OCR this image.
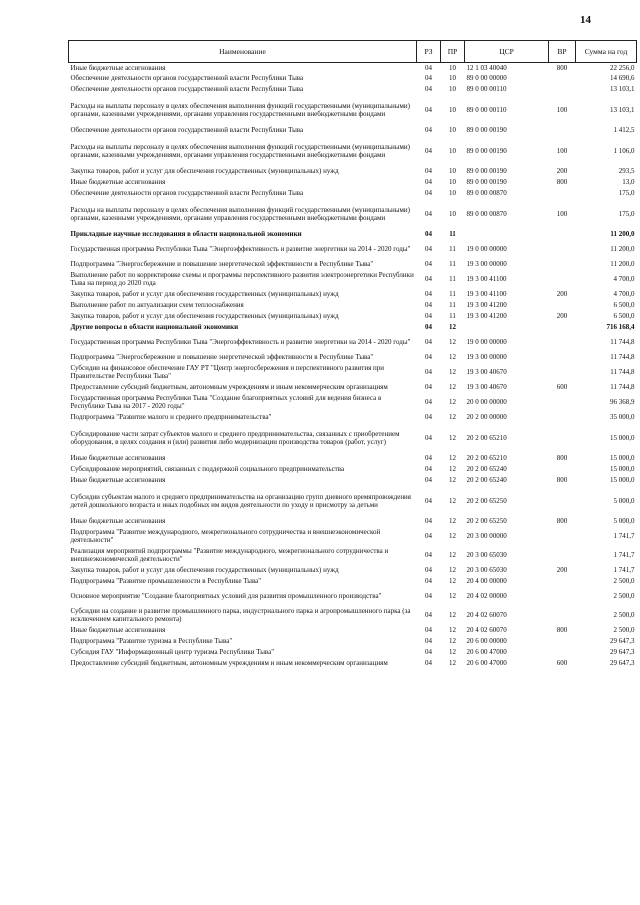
14
Наименование	РЗ	ПР	ЦСР	ВР	Сумма на год
Иные бюджетные ассигнования	04	10	12 1 03 40040	800	22 256,0
Обеспечение деятельности органов государственной власти Республики Тыва	04	10	89 0 00 00000		14 690,6
Обеспечение деятельности органов государственной власти Республики Тыва	04	10	89 0 00 00110		13 103,1
Расходы на выплаты персоналу в целях обеспечения выполнения функций государственными (муниципальными) органами, казенными учреждениями, органами управления государственными внебюджетными фондами	04	10	89 0 00 00110	100	13 103,1
Обеспечение деятельности органов государственной власти Республики Тыва	04	10	89 0 00 00190		1 412,5
Расходы на выплаты персоналу в целях обеспечения выполнения функций государственными (муниципальными) органами, казенными учреждениями, органами управления государственными внебюджетными фондами	04	10	89 0 00 00190	100	1 106,0
Закупка товаров, работ и услуг для обеспечения государственных (муниципальных) нужд	04	10	89 0 00 00190	200	293,5
Иные бюджетные ассигнования	04	10	89 0 00 00190	800	13,0
Обеспечение деятельности органов государственной власти Республики Тыва	04	10	89 0 00 00870		175,0
Расходы на выплаты персоналу в целях обеспечения выполнения функций государственными (муниципальными) органами, казенными учреждениями, органами управления государственными внебюджетными фондами	04	10	89 0 00 00870	100	175,0
Прикладные научные исследования в области национальной экономики	04	11			11 200,0
Государственная программа Республики Тыва "Энергоэффективность и развитие энергетики на 2014 - 2020 годы"	04	11	19 0 00 00000		11 200,0
Подпрограмма "Энергосбережение и повышение энергетической эффективности в Республике Тыва"	04	11	19 3 00 00000		11 200,0
Выполнение работ по корректировке схемы и программы перспективного развития электроэнергетики Республики Тыва на период до 2020 года	04	11	19 3 00 41100		4 700,0
Закупка товаров, работ и услуг для обеспечения государственных (муниципальных) нужд	04	11	19 3 00 41100	200	4 700,0
Выполнение работ по актуализации схем теплоснабжения	04	11	19 3 00 41200		6 500,0
Закупка товаров, работ и услуг для обеспечения государственных (муниципальных) нужд	04	11	19 3 00 41200	200	6 500,0
Другие вопросы в области национальной экономики	04	12			716 168,4
Государственная программа Республики Тыва "Энергоэффективность и развитие энергетики на 2014 - 2020 годы"	04	12	19 0 00 00000		11 744,8
Подпрограмма "Энергосбережение и повышение энергетической эффективности в Республике Тыва"	04	12	19 3 00 00000		11 744,8
Субсидии на финансовое обеспечение ГАУ РТ "Центр энергосбережения и перспективного развития при Правительстве Республики Тыва"	04	12	19 3 00 40670		11 744,8
Предоставление субсидий бюджетным, автономным учреждениям и иным некоммерческим организациям	04	12	19 3 00 40670	600	11 744,8
Государственная программа Республики Тыва "Создание благоприятных условий для ведения бизнеса в Республике Тыва на 2017 - 2020 годы"	04	12	20 0 00 00000		96 368,9
Подпрограмма "Развитие малого и среднего предпринимательства"	04	12	20 2 00 00000		35 000,0
Субсидирование части затрат субъектов малого и среднего предпринимательства, связанных с приобретением оборудования, в целях создания и (или) развития либо модернизации производства товаров (работ, услуг)	04	12	20 2 00 65210		15 000,0
Иные бюджетные ассигнования	04	12	20 2 00 65210	800	15 000,0
Субсидирование мероприятий, связанных с поддержкой социального предпринимательства	04	12	20 2 00 65240		15 000,0
Иные бюджетные ассигнования	04	12	20 2 00 65240	800	15 000,0
Субсидии субъектам малого и среднего предпринимательства на организацию групп дневного времяпровождения детей дошкольного возраста и иных подобных им видов деятельности по уходу и присмотру за детьми	04	12	20 2 00 65250		5 000,0
Иные бюджетные ассигнования	04	12	20 2 00 65250	800	5 000,0
Подпрограмма "Развитие международного, межрегионального сотрудничества и внешнеэкономической деятельности"	04	12	20 3 00 00000		1 741,7
Реализация мероприятий подпрограммы "Развитие международного, межрегионального сотрудничества и внешнеэкономической деятельности"	04	12	20 3 00 65030		1 741,7
Закупка товаров, работ и услуг для обеспечения государственных (муниципальных) нужд	04	12	20 3 00 65030	200	1 741,7
Подпрограмма "Развитие промышленности в Республике Тыва"	04	12	20 4 00 00000		2 500,0
Основное мероприятие "Создание благоприятных условий для развития промышленного производства"	04	12	20 4 02 00000		2 500,0
Субсидии на создание и развитие промышленного парка, индустриального парка и агропромышленного парка (за исключением капитального ремонта)	04	12	20 4 02 60070		2 500,0
Иные бюджетные ассигнования	04	12	20 4 02 60070	800	2 500,0
Подпрограмма "Развитие туризма в Республике Тыва"	04	12	20 6 00 00000		29 647,3
Субсидия ГАУ "Информационный центр туризма Республики Тыва"	04	12	20 6 00 47000		29 647,3
Предоставление субсидий бюджетным, автономным учреждениям и иным некоммерческим организациям	04	12	20 6 00 47000	600	29 647,3
